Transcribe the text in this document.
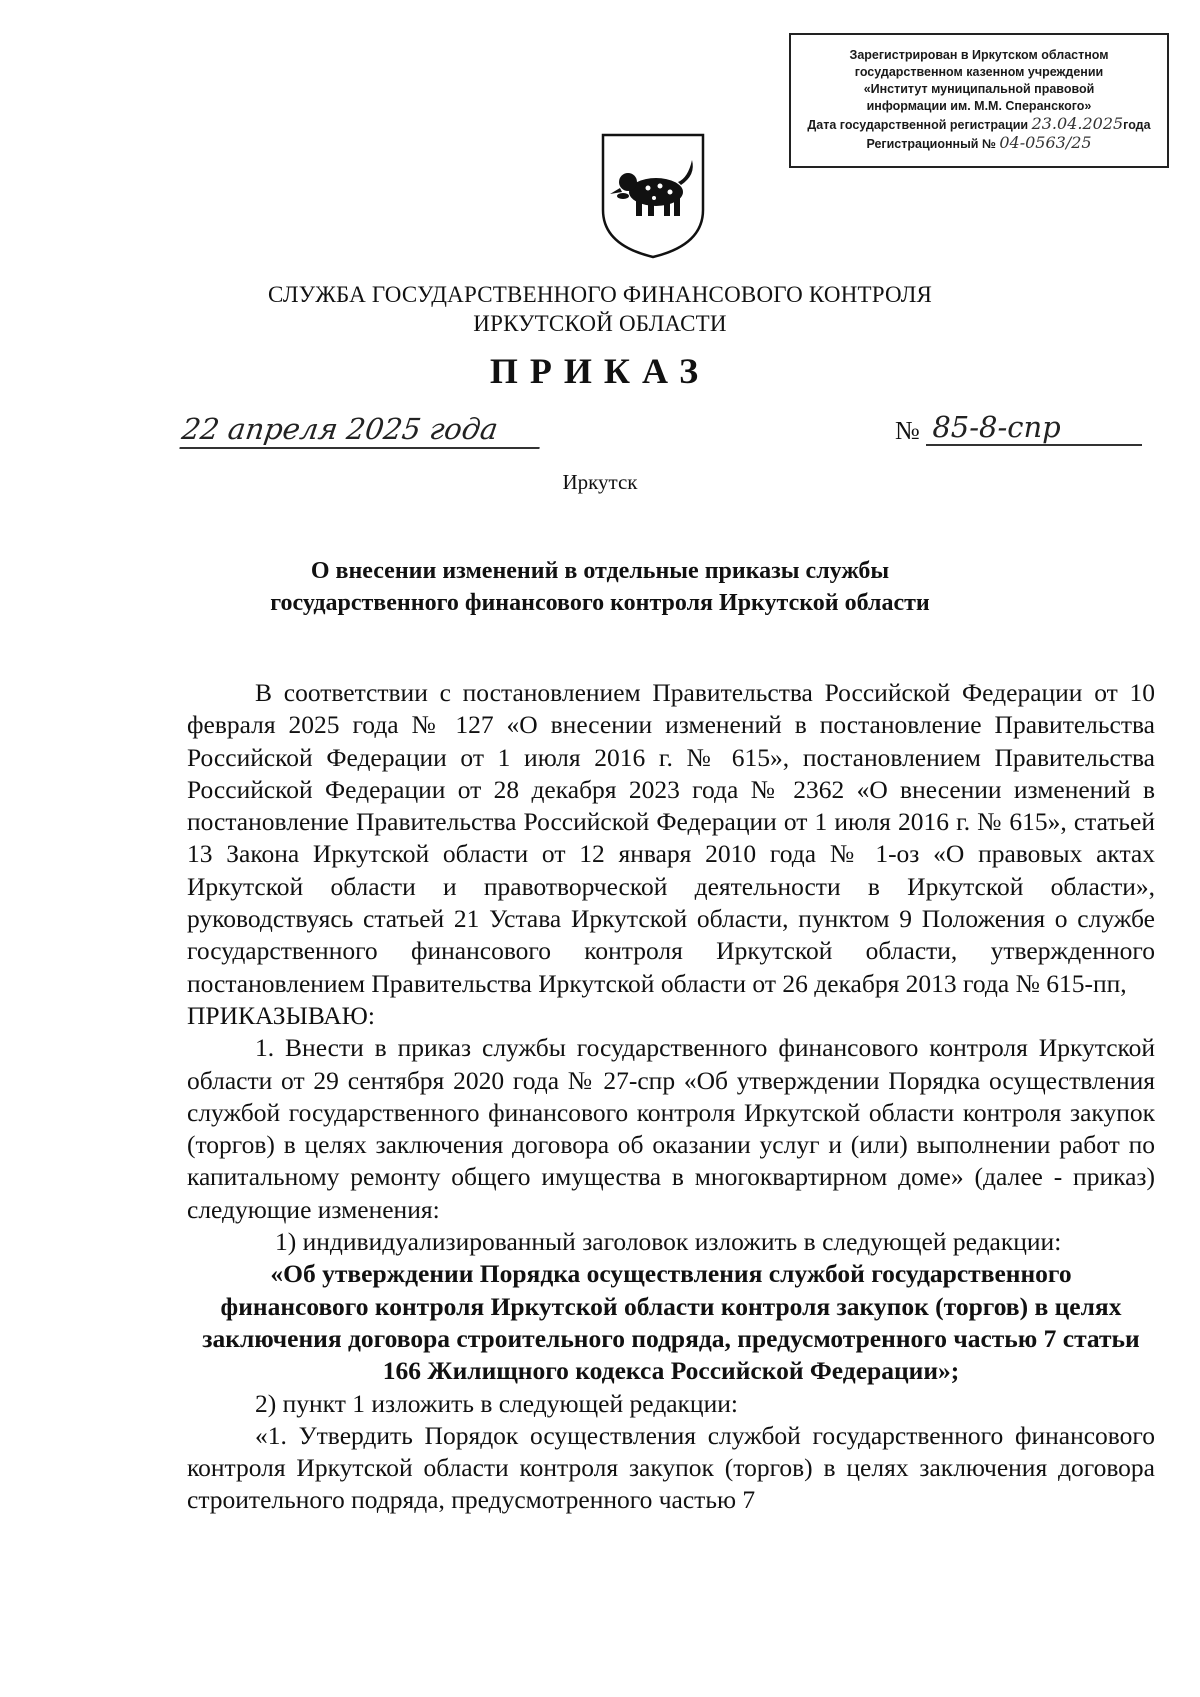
Зарегистрирован в Иркутском областном
государственном казенном учреждении
«Институт муниципальной правовой
информации им. М.М. Сперанского»
Дата государственной регистрации 23.04.2025года
Регистрационный № 04-0563/25
СЛУЖБА ГОСУДАРСТВЕННОГО ФИНАНСОВОГО КОНТРОЛЯ
ИРКУТСКОЙ ОБЛАСТИ
ПРИКАЗ
22 апреля 2025 года	№ 85-8-спр
Иркутск
О внесении изменений в отдельные приказы службы
государственного финансового контроля Иркутской области

В соответствии с постановлением Правительства Российской Федерации от 10 февраля 2025 года № 127 «О внесении изменений в постановление Правительства Российской Федерации от 1 июля 2016 г. № 615», постановлением Правительства Российской Федерации от 28 декабря 2023 года № 2362 «О внесении изменений в постановление Правительства Российской Федерации от 1 июля 2016 г. № 615», статьей 13 Закона Иркутской области от 12 января 2010 года № 1-оз «О правовых актах Иркутской области и правотворческой деятельности в Иркутской области», руководствуясь статьей 21 Устава Иркутской области, пунктом 9 Положения о службе государственного финансового контроля Иркутской области, утвержденного постановлением Правительства Иркутской области от 26 декабря 2013 года № 615-пп,

ПРИКАЗЫВАЮ:

1. Внести в приказ службы государственного финансового контроля Иркутской области от 29 сентября 2020 года № 27-спр «Об утверждении Порядка осуществления службой государственного финансового контроля Иркутской области контроля закупок (торгов) в целях заключения договора об оказании услуг и (или) выполнении работ по капитальному ремонту общего имущества в многоквартирном доме» (далее - приказ) следующие изменения:

1) индивидуализированный заголовок изложить в следующей редакции:

«Об утверждении Порядка осуществления службой государственного финансового контроля Иркутской области контроля закупок (торгов) в целях заключения договора строительного подряда, предусмотренного частью 7 статьи 166 Жилищного кодекса Российской Федерации»;

2) пункт 1 изложить в следующей редакции:

«1. Утвердить Порядок осуществления службой государственного финансового контроля Иркутской области контроля закупок (торгов) в целях заключения договора строительного подряда, предусмотренного частью 7
